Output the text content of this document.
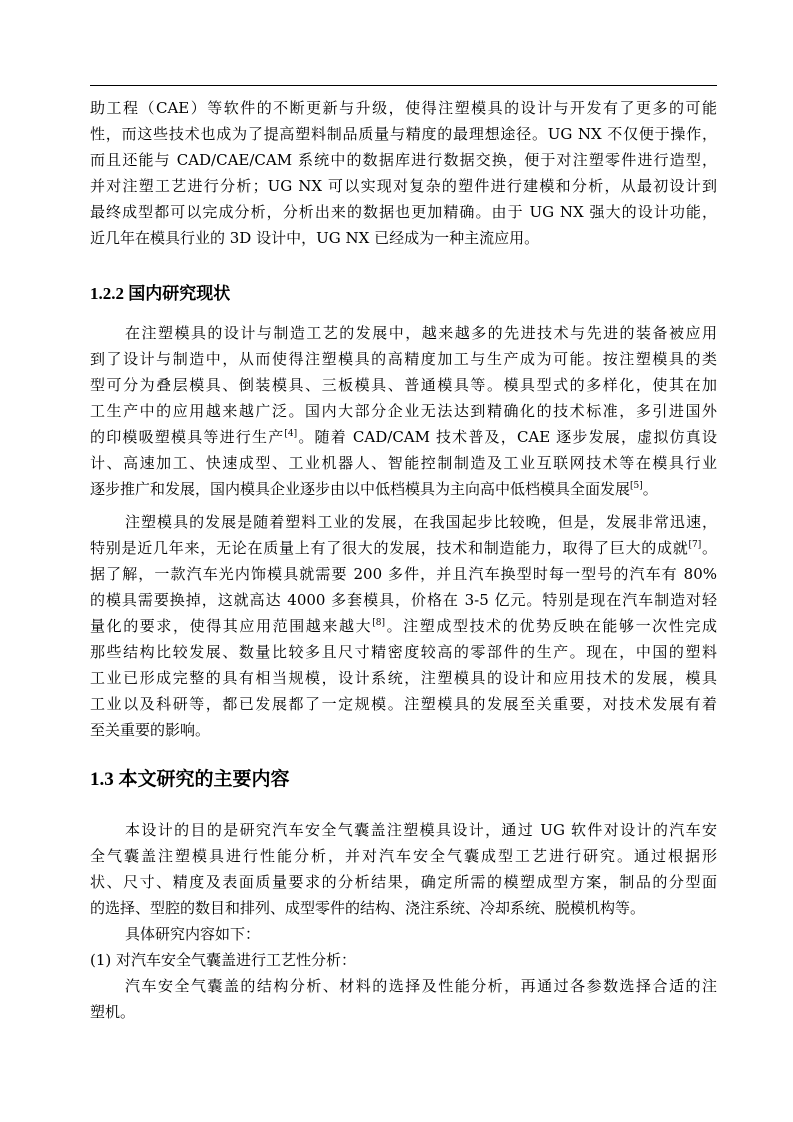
助工程（CAE）等软件的不断更新与升级，使得注塑模具的设计与开发有了更多的可能
性，而这些技术也成为了提高塑料制品质量与精度的最理想途径。UG NX 不仅便于操作，
而且还能与 CAD/CAE/CAM 系统中的数据库进行数据交换，便于对注塑零件进行造型，
并对注塑工艺进行分析；UG NX 可以实现对复杂的塑件进行建模和分析，从最初设计到
最终成型都可以完成分析，分析出来的数据也更加精确。由于 UG NX 强大的设计功能，
近几年在模具行业的 3D 设计中，UG NX 已经成为一种主流应用。
1.2.2 国内研究现状
在注塑模具的设计与制造工艺的发展中，越来越多的先进技术与先进的装备被应用
到了设计与制造中，从而使得注塑模具的高精度加工与生产成为可能。按注塑模具的类
型可分为叠层模具、倒装模具、三板模具、普通模具等。模具型式的多样化，使其在加
工生产中的应用越来越广泛。国内大部分企业无法达到精确化的技术标准，多引进国外
的印模吸塑模具等进行生产[4]。随着 CAD/CAM 技术普及，CAE 逐步发展，虚拟仿真设
计、高速加工、快速成型、工业机器人、智能控制制造及工业互联网技术等在模具行业
逐步推广和发展，国内模具企业逐步由以中低档模具为主向高中低档模具全面发展[5]。
注塑模具的发展是随着塑料工业的发展，在我国起步比较晚，但是，发展非常迅速，
特别是近几年来，无论在质量上有了很大的发展，技术和制造能力，取得了巨大的成就[7]。
据了解，一款汽车光内饰模具就需要 200 多件，并且汽车换型时每一型号的汽车有 80%
的模具需要换掉，这就高达 4000 多套模具，价格在 3-5 亿元。特别是现在汽车制造对轻
量化的要求，使得其应用范围越来越大[8]。注塑成型技术的优势反映在能够一次性完成
那些结构比较发展、数量比较多且尺寸精密度较高的零部件的生产。现在，中国的塑料
工业已形成完整的具有相当规模，设计系统，注塑模具的设计和应用技术的发展，模具
工业以及科研等，都已发展都了一定规模。注塑模具的发展至关重要，对技术发展有着
至关重要的影响。
1.3 本文研究的主要内容
本设计的目的是研究汽车安全气囊盖注塑模具设计，通过 UG 软件对设计的汽车安
全气囊盖注塑模具进行性能分析，并对汽车安全气囊成型工艺进行研究。通过根据形
状、尺寸、精度及表面质量要求的分析结果，确定所需的模塑成型方案，制品的分型面
的选择、型腔的数目和排列、成型零件的结构、浇注系统、冷却系统、脱模机构等。
具体研究内容如下：
(1) 对汽车安全气囊盖进行工艺性分析：
汽车安全气囊盖的结构分析、材料的选择及性能分析，再通过各参数选择合适的注
塑机。
